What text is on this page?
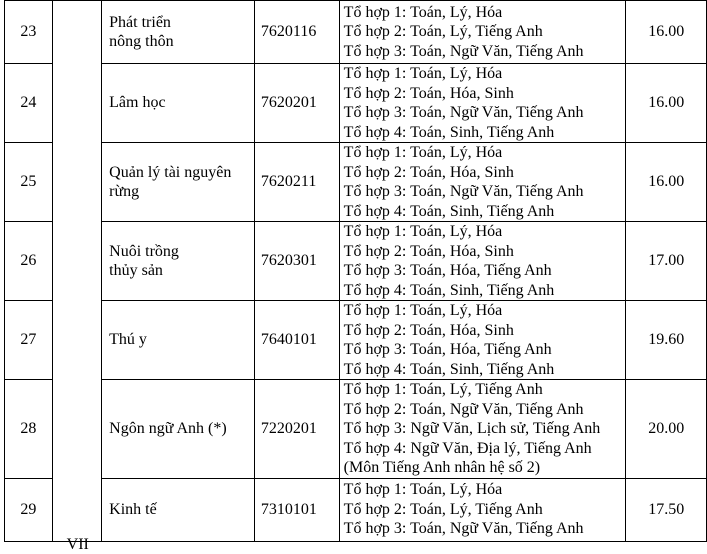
23		Phát triển
nông thôn	7620116	Tổ hợp 1: Toán, Lý, Hóa
Tổ hợp 2: Toán, Lý, Tiếng Anh
Tổ hợp 3: Toán, Ngữ Văn, Tiếng Anh	16.00
24		Lâm học	7620201	Tổ hợp 1: Toán, Lý, Hóa
Tổ hợp 2: Toán, Hóa, Sinh
Tổ hợp 3: Toán, Ngữ Văn, Tiếng Anh
Tổ hợp 4: Toán, Sinh, Tiếng Anh	16.00
25		Quản lý tài nguyên
rừng	7620211	Tổ hợp 1: Toán, Lý, Hóa
Tổ hợp 2: Toán, Hóa, Sinh
Tổ hợp 3: Toán, Ngữ Văn, Tiếng Anh
Tổ hợp 4: Toán, Sinh, Tiếng Anh	16.00
26		Nuôi trồng
thủy sản	7620301	Tổ hợp 1: Toán, Lý, Hóa
Tổ hợp 2: Toán, Hóa, Sinh
Tổ hợp 3: Toán, Hóa, Tiếng Anh
Tổ hợp 4: Toán, Sinh, Tiếng Anh	17.00
27		Thú y	7640101	Tổ hợp 1: Toán, Lý, Hóa
Tổ hợp 2: Toán, Hóa, Sinh
Tổ hợp 3: Toán, Hóa, Tiếng Anh
Tổ hợp 4: Toán, Sinh, Tiếng Anh	19.60
28		Ngôn ngữ Anh (*)	7220201	Tổ hợp 1: Toán, Lý, Tiếng Anh
Tổ hợp 2: Toán, Ngữ Văn, Tiếng Anh
Tổ hợp 3: Ngữ Văn, Lịch sử, Tiếng Anh
Tổ hợp 4: Ngữ Văn, Địa lý, Tiếng Anh
(Môn Tiếng Anh nhân hệ số 2)	20.00
29	VII	Kinh tế	7310101	Tổ hợp 1: Toán, Lý, Hóa
Tổ hợp 2: Toán, Lý, Tiếng Anh
Tổ hợp 3: Toán, Ngữ Văn, Tiếng Anh	17.50
